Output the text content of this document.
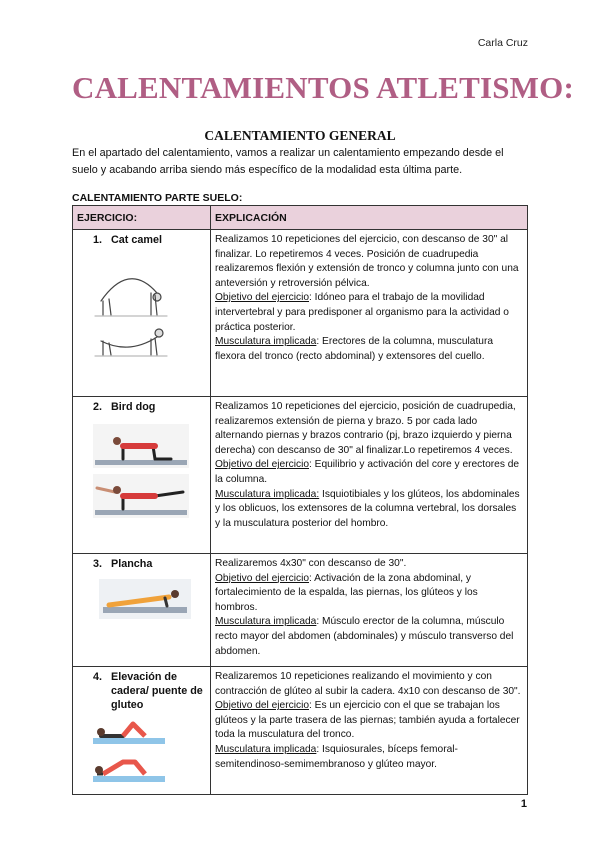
Carla Cruz
CALENTAMIENTOS ATLETISMO:
CALENTAMIENTO GENERAL
En el apartado del calentamiento, vamos a realizar un calentamiento empezando desde el suelo y acabando arriba siendo más específico de la modalidad esta última parte.
CALENTAMIENTO PARTE SUELO:
EJERCICIO:	EXPLICACIÓN

1. Cat camel	Realizamos 10 repeticiones del ejercicio, con descanso de 30" al finalizar. Lo repetiremos 4 veces. Posición de cuadrupedia realizaremos flexión y extensión de tronco y columna junto con una anteversión y retroversión pélvica.
Objetivo del ejercicio: Idóneo para el trabajo de la movilidad intervertebral y para predisponer al organismo para la actividad o práctica posterior.
Musculatura implicada: Erectores de la columna, musculatura flexora del tronco (recto abdominal) y extensores del cuello.

2. Bird dog	Realizamos 10 repeticiones del ejercicio, posición de cuadrupedia, realizaremos extensión de pierna y brazo. 5 por cada lado alternando piernas y brazos contrario (pj, brazo izquierdo y pierna derecha) con descanso de 30" al finalizar.Lo repetiremos 4 veces.
Objetivo del ejercicio: Equilibrio y activación del core y erectores de la columna.
Musculatura implicada: Isquiotibiales y los glúteos, los abdominales y los oblicuos, los extensores de la columna vertebral, los dorsales y la musculatura posterior del hombro.

3. Plancha	Realizaremos 4x30" con descanso de 30".
Objetivo del ejercicio: Activación de la zona abdominal, y fortalecimiento de la espalda, las piernas, los glúteos y los hombros.
Musculatura implicada: Músculo erector de la columna, músculo recto mayor del abdomen (abdominales) y músculo transverso del abdomen.

4. Elevación de cadera/ puente de gluteo	Realizaremos 10 repeticiones realizando el movimiento y con contracción de glúteo al subir la cadera. 4x10 con descanso de 30".
Objetivo del ejercicio: Es un ejercicio con el que se trabajan los glúteos y la parte trasera de las piernas; también ayuda a fortalecer toda la musculatura del tronco.
Musculatura implicada: Isquiosurales, bíceps femoral-semitendinoso-semimembranoso y glúteo mayor.
1
